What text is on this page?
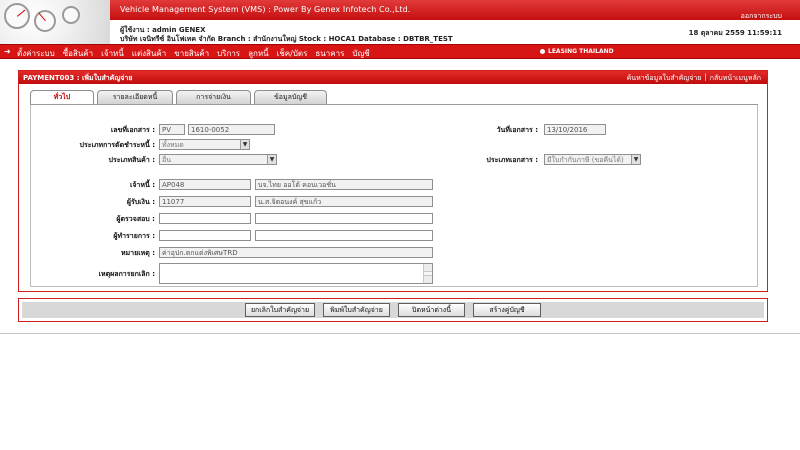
Vehicle Management System (VMS) : Power By Genex Infotech Co.,Ltd.
ออกจากระบบ
ผู้ใช้งาน : admin GENEX
บริษัท เจนิทรีซ์ อินโฟเทค จำกัด Branch : สำนักงานใหญ่ Stock : HOCA1 Database : DBTBR_TEST
18 ตุลาคม 2559 11:59:11
➜ ตั้งค่าระบบ ซื้อสินค้า เจ้าหนี้ แต่งสินค้า ขายสินค้า บริการ ลูกหนี้ เช็ค/บัตร ธนาคาร บัญชี	LEASING THAILAND
PAYMENT003 : เพิ่มใบสำคัญจ่าย	ค้นหาข้อมูลใบสำคัญจ่าย | กลับหน้าเมนูหลัก
ทั่วไป	รายละเอียดหนี้	การจ่ายเงิน	ข้อมูลบัญชี
เลขที่เอกสาร :	PV	1610-0052	วันที่เอกสาร :	13/10/2016
ประเภทการตัดชำระหนี้ :	ทั้งหมด	▼
ประเภทสินค้า :	อื่น	▼	ประเภทเอกสาร :	มีใบกำกับภาษี (ขอคืนได้)	▼
เจ้าหนี้ :	AP048	บจ.ไทย ออโต้ คอนเวอชั่น
ผู้รับเงิน :	11077	น.ส.จิตอนงค์ สุขแก้ว
ผู้ตรวจสอบ :
ผู้ทำรายการ :
หมายเหตุ :	ค่าอุปก.ตกแต่งพิเศษTRD
เหตุผลการยกเลิก :
ยกเลิกใบสำคัญจ่าย	พิมพ์ใบสำคัญจ่าย	ปิดหน้าต่างนี้	สร้างคู่บัญชี
